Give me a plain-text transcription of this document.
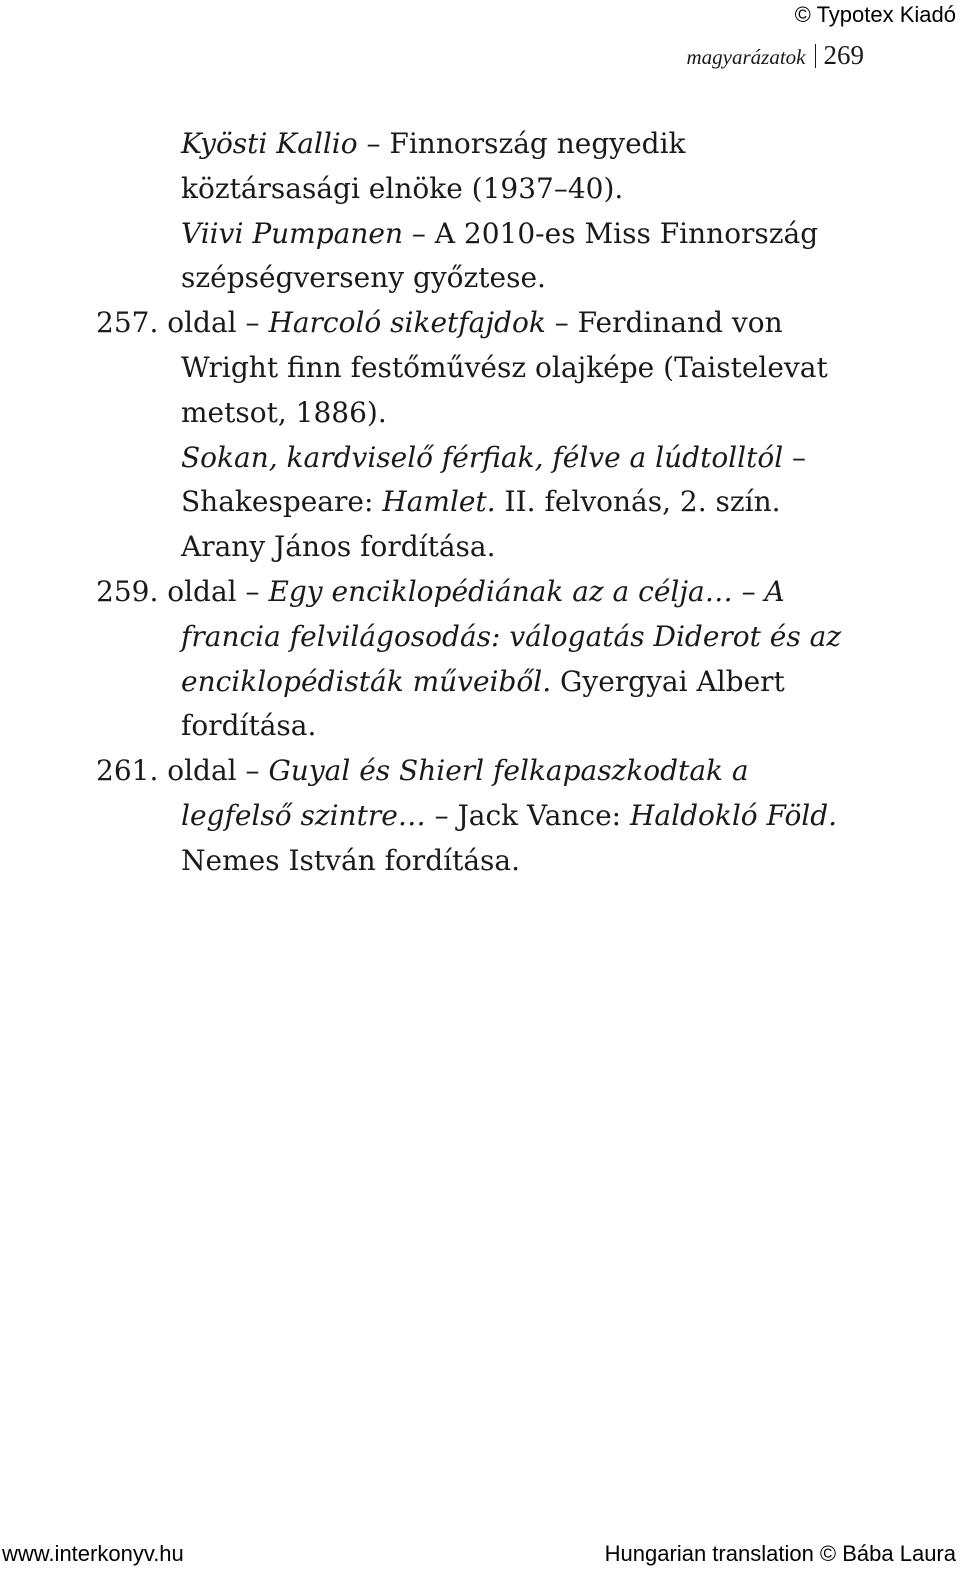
© Typotex Kiadó
magyarázatok 269

Kyösti Kallio – Finnország negyedik köztársasági elnöke (1937–40).

Viivi Pumpanen – A 2010-es Miss Finnország szépségverseny győztese.

257. oldal – Harcoló siketfajdok – Ferdinand von Wright finn festőművész olajképe (Taistelevat metsot, 1886).

Sokan, kardviselő férfiak, félve a lúdtolltól – Shakespeare: Hamlet. II. felvonás, 2. szín. Arany János fordítása.

259. oldal – Egy enciklopédiának az a célja… – A francia felvilágosodás: válogatás Diderot és az enciklopédisták műveiből. Gyergyai Albert fordítása.

261. oldal – Guyal és Shierl felkapaszkodtak a legfelső szintre… – Jack Vance: Haldokló Föld. Nemes István fordítása.

www.interkonyv.hu	Hungarian translation © Bába Laura
